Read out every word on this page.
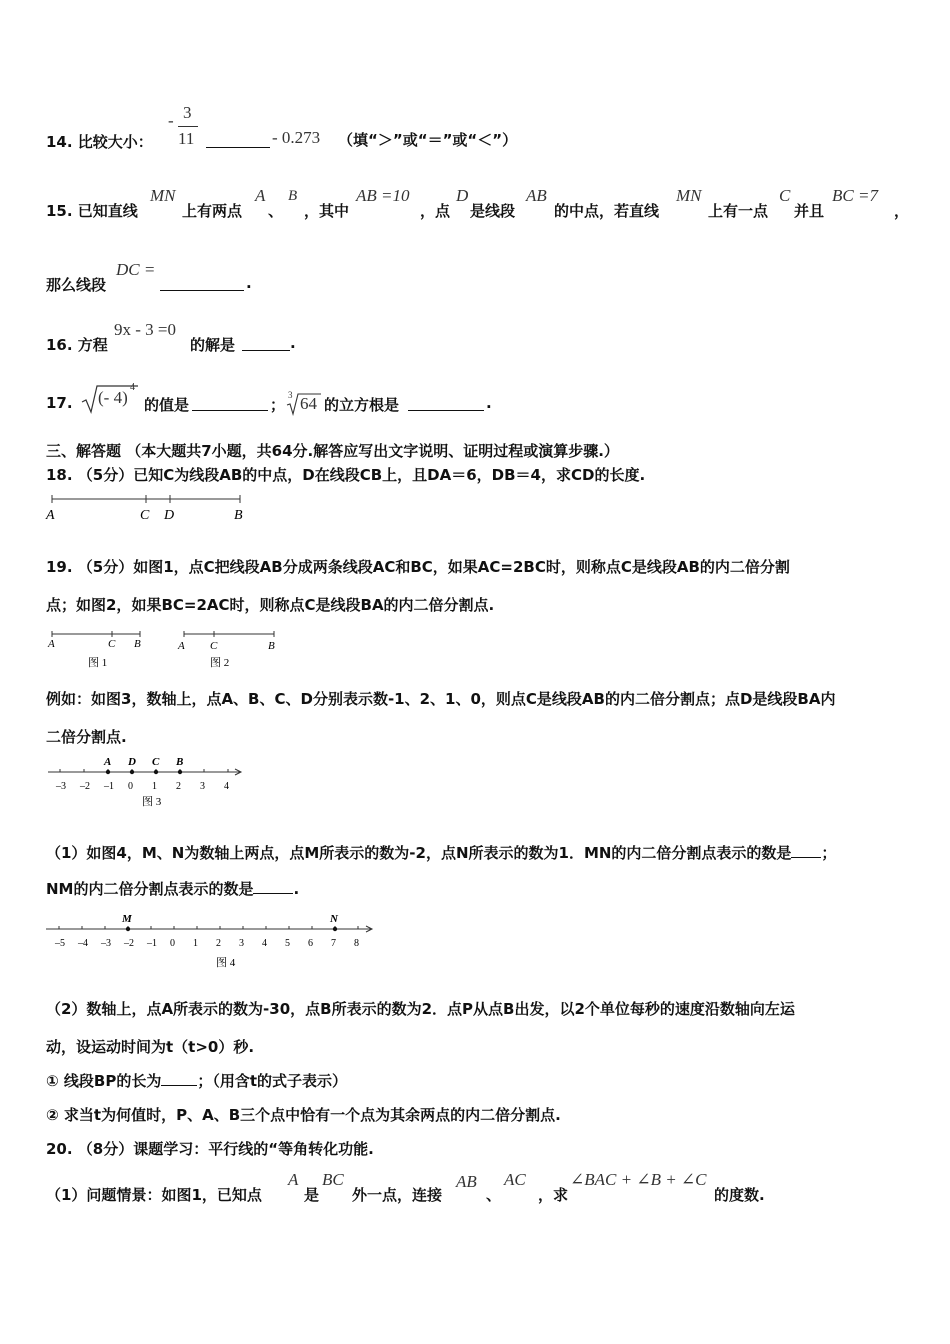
14. 比较大小：
- 3
11	- 0.273 （填“＞”或“＝”或“＜”）
15. 已知直线
MN
上有两点
A
、
B
，其中
AB =10
，点
D
是线段
AB
的中点，若直线
MN
上有一点
C
并且
BC =7
，
那么线段
DC =
.
16. 方程
9x - 3 =0
的解是	.
17. (- 4)
4
的值是	；
3 64 的立方根是	.
三、解答题 （本大题共7小题，共64分.解答应写出文字说明、证明过程或演算步骤.）
18. （5分）已知C为线段AB的中点，D在线段CB上，且DA＝6，DB＝4，求CD的长度.
A	C D	B
19. （5分）如图1，点C把线段AB分成两条线段AC和BC，如果AC=2BC时，则称点C是线段AB的内二倍分割
点；如图2，如果BC=2AC时，则称点C是线段BA的内二倍分割点.
A	C B
图 1
A C	B
图 2
例如：如图3，数轴上，点A、B、C、D分别表示数-1、2、1、0，则点C是线段AB的内二倍分割点；点D是线段BA内
二倍分割点.
–3 –2 –1 0 1 2 3 4
A D C B
图 3
（1）如图4，M、N为数轴上两点，点M所表示的数为-2，点N所表示的数为1．MN的内二倍分割点表示的数是 ；
NM的内二倍分割点表示的数是	.
–5 –4 –3 –2 –1 0 1 2 3 4 5 6 7 8
M	N
图 4
（2）数轴上，点A所表示的数为-30，点B所表示的数为2．点P从点B出发，以2个单位每秒的速度沿数轴向左运
动，设运动时间为t（t>0）秒.
① 线段BP的长为 ；（用含t的式子表示）
② 求当t为何值时，P、A、B三个点中恰有一个点为其余两点的内二倍分割点.
20. （8分）课题学习：平行线的“等角转化功能.
（1）问题情景：如图1，已知点
A
是
BC
外一点，连接
AB
、
AC
，求
∠BAC + ∠B + ∠C
的度数.
